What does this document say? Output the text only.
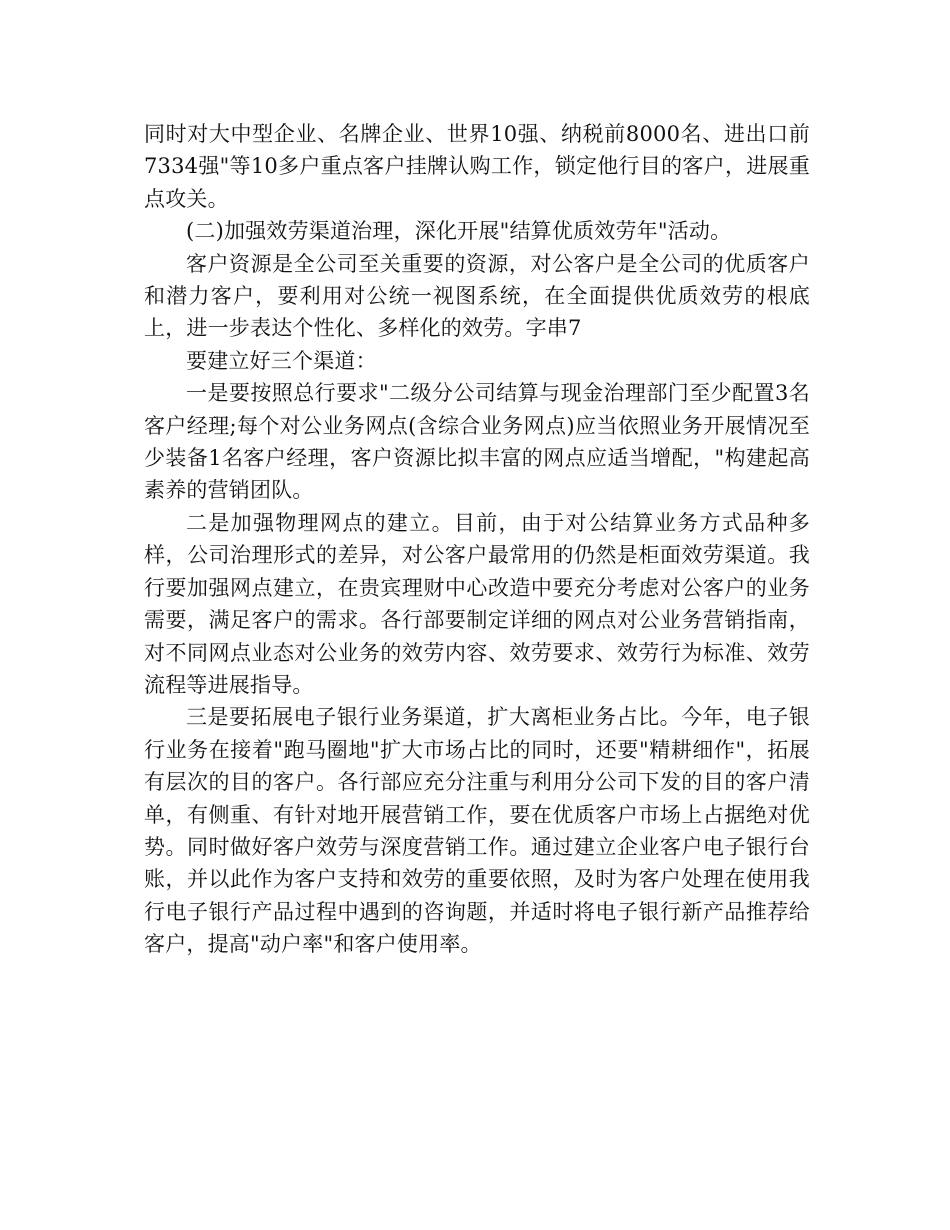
同时对大中型企业、名牌企业、世界10强、纳税前8000名、进出口前7334强"等10多户重点客户挂牌认购工作，锁定他行目的客户，进展重点攻关。

(二)加强效劳渠道治理，深化开展"结算优质效劳年"活动。

客户资源是全公司至关重要的资源，对公客户是全公司的优质客户和潜力客户，要利用对公统一视图系统，在全面提供优质效劳的根底上，进一步表达个性化、多样化的效劳。字串7

要建立好三个渠道：

一是要按照总行要求"二级分公司结算与现金治理部门至少配置3名客户经理;每个对公业务网点(含综合业务网点)应当依照业务开展情况至少装备1名客户经理，客户资源比拟丰富的网点应适当增配，"构建起高素养的营销团队。

二是加强物理网点的建立。目前，由于对公结算业务方式品种多样，公司治理形式的差异，对公客户最常用的仍然是柜面效劳渠道。我行要加强网点建立，在贵宾理财中心改造中要充分考虑对公客户的业务需要，满足客户的需求。各行部要制定详细的网点对公业务营销指南，对不同网点业态对公业务的效劳内容、效劳要求、效劳行为标准、效劳流程等进展指导。

三是要拓展电子银行业务渠道，扩大离柜业务占比。今年，电子银行业务在接着"跑马圈地"扩大市场占比的同时，还要"精耕细作"，拓展有层次的目的客户。各行部应充分注重与利用分公司下发的目的客户清单，有侧重、有针对地开展营销工作，要在优质客户市场上占据绝对优势。同时做好客户效劳与深度营销工作。通过建立企业客户电子银行台账，并以此作为客户支持和效劳的重要依照，及时为客户处理在使用我行电子银行产品过程中遇到的咨询题，并适时将电子银行新产品推荐给客户，提高"动户率"和客户使用率。
